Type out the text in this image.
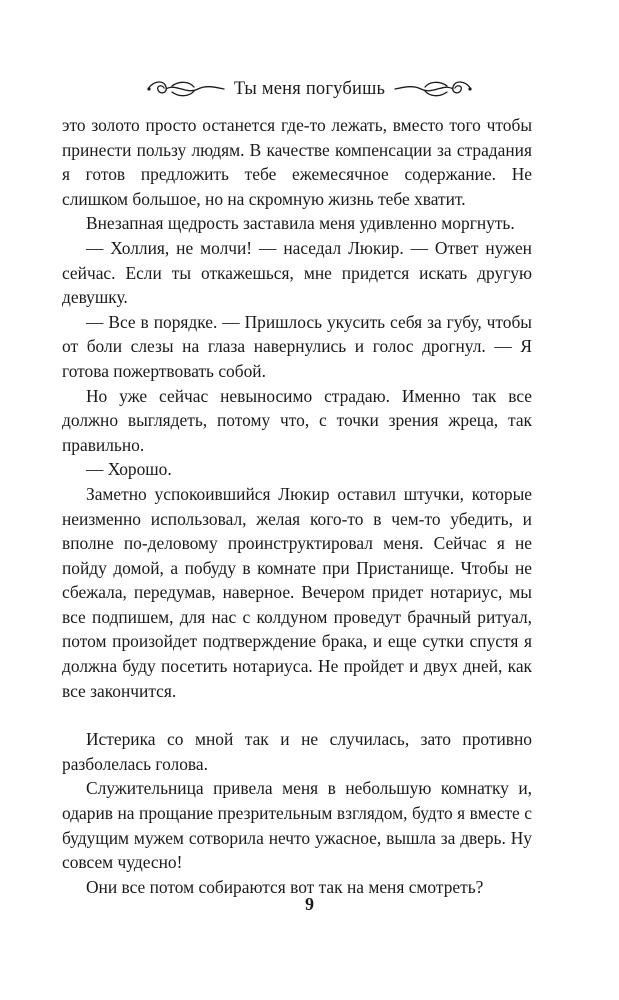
Ты меня погубишь

это золото просто останется где-то лежать, вместо того чтобы принести пользу людям. В качестве компенсации за страдания я готов предложить тебе ежемесячное содержание. Не слишком большое, но на скромную жизнь тебе хватит.

Внезапная щедрость заставила меня удивленно моргнуть.

— Холлия, не молчи! — наседал Люкир. — Ответ нужен сейчас. Если ты откажешься, мне придется искать другую девушку.

— Все в порядке. — Пришлось укусить себя за губу, чтобы от боли слезы на глаза навернулись и голос дрогнул. — Я готова пожертвовать собой.

Но уже сейчас невыносимо страдаю. Именно так все должно выглядеть, потому что, с точки зрения жреца, так правильно.

— Хорошо.

Заметно успокоившийся Люкир оставил штучки, которые неизменно использовал, желая кого-то в чем-то убедить, и вполне по-деловому проинструктировал меня. Сейчас я не пойду домой, а побуду в комнате при Пристанище. Чтобы не сбежала, передумав, наверное. Вечером придет нотариус, мы все подпишем, для нас с колдуном проведут брачный ритуал, потом произойдет подтверждение брака, и еще сутки спустя я должна буду посетить нотариуса. Не пройдет и двух дней, как все закончится.

Истерика со мной так и не случилась, зато противно разболелась голова.

Служительница привела меня в небольшую комнатку и, одарив на прощание презрительным взглядом, будто я вместе с будущим мужем сотворила нечто ужасное, вышла за дверь. Ну совсем чудесно!

Они все потом собираются вот так на меня смотреть?

9
